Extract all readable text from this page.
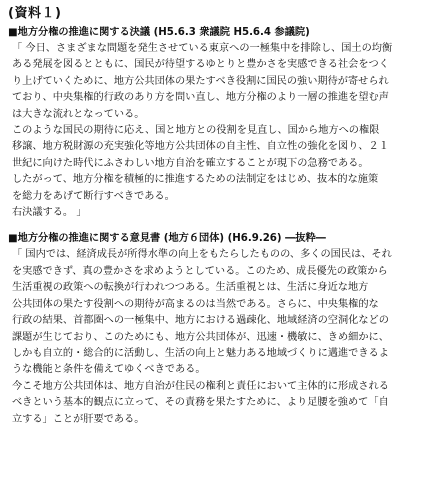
(資料１)
■地方分権の推進に関する決議 (H5.6.3 衆議院 H5.6.4 参議院)
「 今日、さまざまな問題を発生させている東京への一極集中を排除し、国土の均衡
ある発展を図るとともに、国民が待望するゆとりと豊かさを実感できる社会をつく
り上げていくために、地方公共団体の果たすべき役割に国民の強い期待が寄せられ
ており、中央集権的行政のあり方を問い直し、地方分権のより一層の推進を望む声
は大きな流れとなっている。
このような国民の期待に応え、国と地方との役割を見直し、国から地方への権限
移譲、地方税財源の充実強化等地方公共団体の自主性、自立性の強化を図り、２１
世紀に向けた時代にふさわしい地方自治を確立することが現下の急務である。
したがって、地方分権を積極的に推進するための法制定をはじめ、抜本的な施策
を総力をあげて断行すべきである。
右決議する。 」
■地方分権の推進に関する意見書 (地方６団体) (H6.9.26) ―抜粋―
「 国内では、経済成長が所得水準の向上をもたらしたものの、多くの国民は、それ
を実感できず、真の豊かさを求めようとしている。このため、成長優先の政策から
生活重視の政策への転換が行われつつある。生活重視とは、生活に身近な地方
公共団体の果たす役割への期待が高まるのは当然である。さらに、中央集権的な
行政の結果、首都圏への一極集中、地方における過疎化、地域経済の空洞化などの
課題が生じており、このためにも、地方公共団体が、迅速・機敏に、きめ細かに、
しかも自立的・総合的に活動し、生活の向上と魅力ある地域づくりに邁進できるよ
うな機能と条件を備えてゆくべきである。
今こそ地方公共団体は、地方自治が住民の権利と責任において主体的に形成される
べきという基本的観点に立って、その責務を果たすために、より足腰を強めて「自
立する」ことが肝要である。
